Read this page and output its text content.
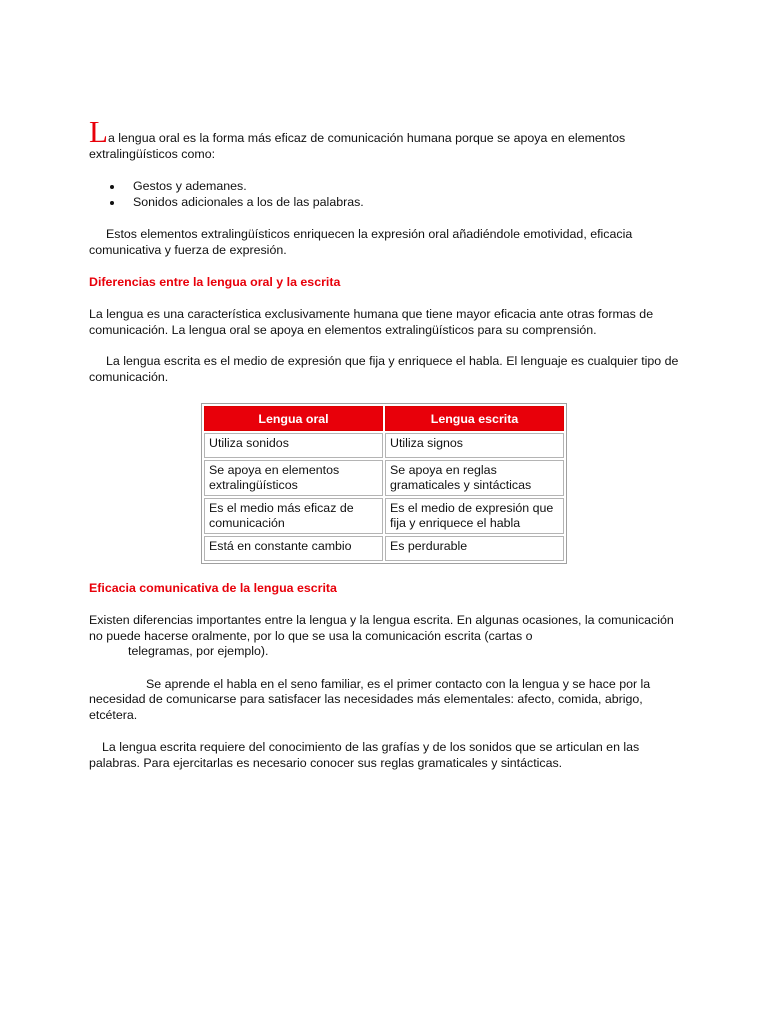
La lengua oral es la forma más eficaz de comunicación humana porque se apoya en elementos
extralingüísticos como:

Gestos y ademanes.
Sonidos adicionales a los de las palabras.

Estos elementos extralingüísticos enriquecen la expresión oral añadiéndole emotividad, eficacia comunicativa y fuerza de expresión.

Diferencias entre la lengua oral y la escrita

La lengua es una característica exclusivamente humana que tiene mayor eficacia ante otras formas de comunicación. La lengua oral se apoya en elementos extralingüísticos para su comprensión.

La lengua escrita es el medio de expresión que fija y enriquece el habla. El lenguaje es cualquier tipo de comunicación.

Lengua oral	Lengua escrita
Utiliza sonidos	Utiliza signos
Se apoya en elementos extralingüísticos	Se apoya en reglas gramaticales y sintácticas
Es el medio más eficaz de comunicación	Es el medio de expresión que fija y enriquece el habla
Está en constante cambio	Es perdurable
Eficacia comunicativa de la lengua escrita

Existen diferencias importantes entre la lengua y la lengua escrita. En algunas ocasiones, la comunicación no puede hacerse oralmente, por lo que se usa la comunicación escrita (cartas o
telegramas, por ejemplo).

Se aprende el habla en el seno familiar, es el primer contacto con la lengua y se hace por la necesidad de comunicarse para satisfacer las necesidades más elementales: afecto, comida, abrigo, etcétera.

La lengua escrita requiere del conocimiento de las grafías y de los sonidos que se articulan en las palabras. Para ejercitarlas es necesario conocer sus reglas gramaticales y sintácticas.
